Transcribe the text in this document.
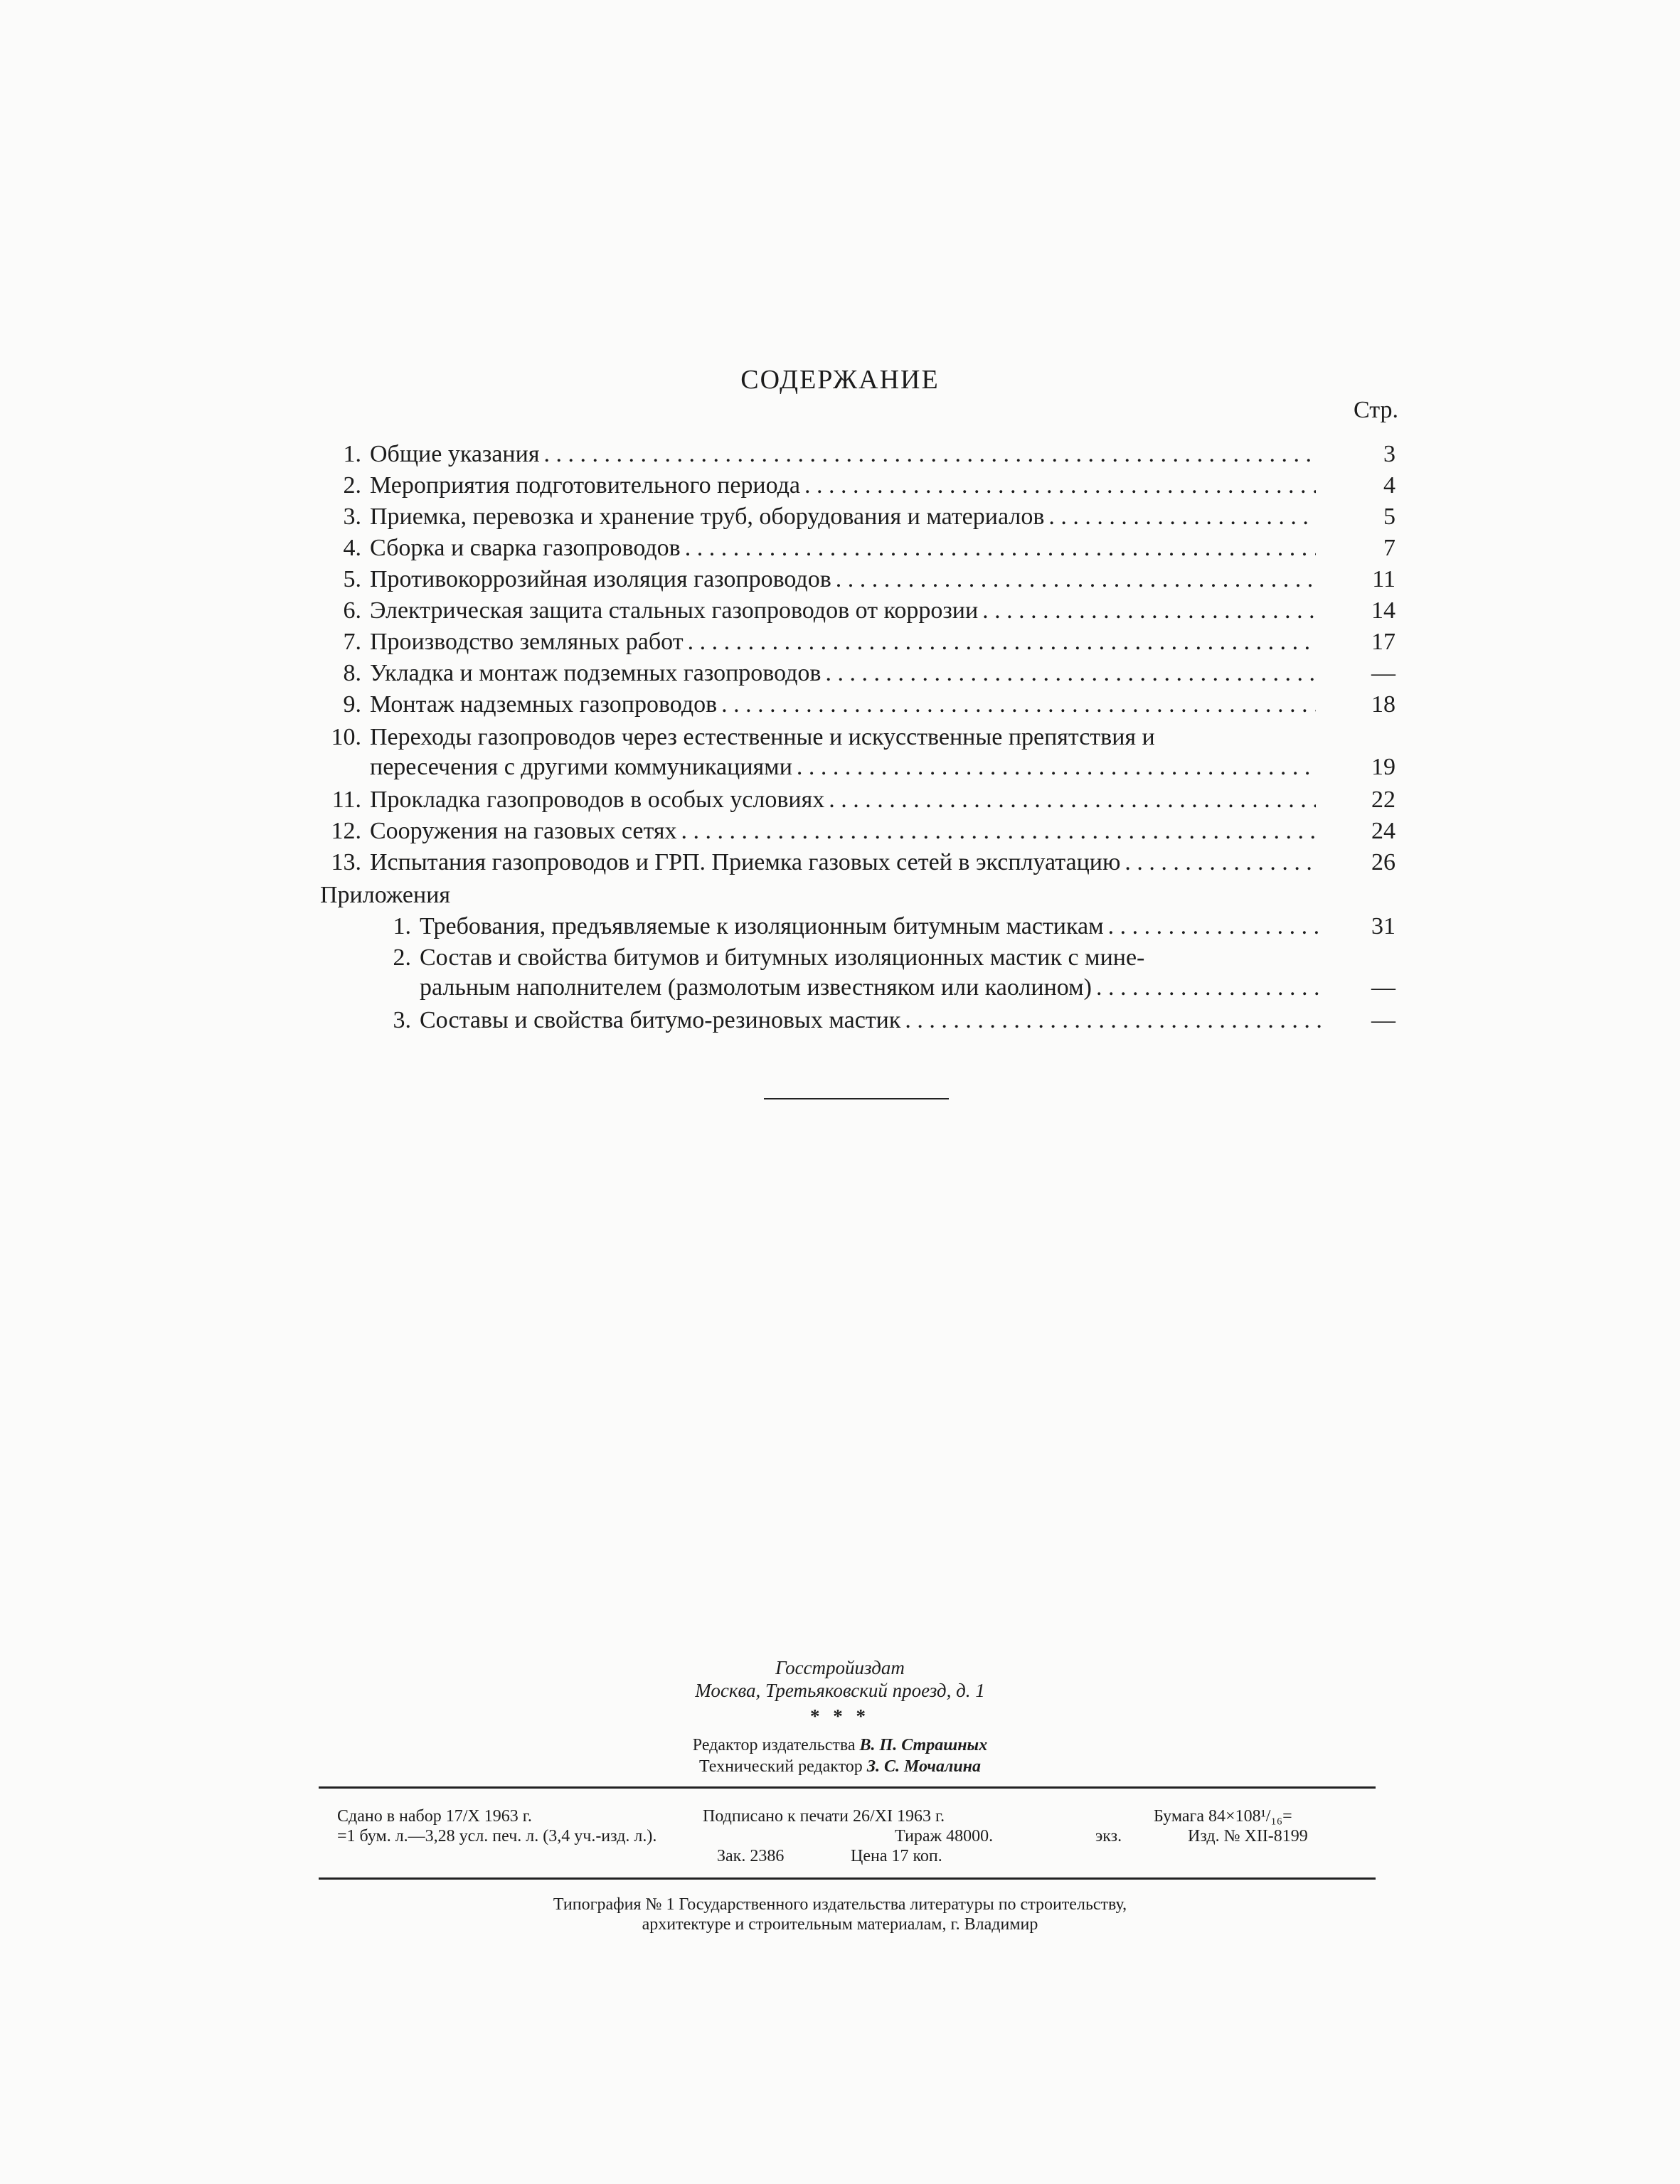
СОДЕРЖАНИЕ
Стр.
1. Общие указания . . .	3
2. Мероприятия подготовительного периода . . .	4
3. Приемка, перевозка и хранение труб, оборудования и материалов . . .	5
4. Сборка и сварка газопроводов . . .	7
5. Противокоррозийная изоляция газопроводов . . .	11
6. Электрическая защита стальных газопроводов от коррозии . . .	14
7. Производство земляных работ . . .	17
8. Укладка и монтаж подземных газопроводов . . .	—
9. Монтаж надземных газопроводов . . .	18
10. Переходы газопроводов через естественные и искусственные препятствия и
пересечения с другими коммуникациями . . .	19
11. Прокладка газопроводов в особых условиях . . .	22
12. Сооружения на газовых сетях . . .	24
13. Испытания газопроводов и ГРП. Приемка газовых сетей в эксплуатацию . . .	26
Приложения
1. Требования, предъявляемые к изоляционным битумным мастикам . . .	31
2. Состав и свойства битумов и битумных изоляционных мастик с мине-
ральным наполнителем (размолотым известняком или каолином) . . .	—
3. Составы и свойства битумо-резиновых мастик . . .	—
Госстройиздат
Москва, Третьяковский проезд, д. 1
* * *
Редактор издательства В. П. Страшных
Технический редактор З. С. Мочалина
Сдано в набор 17/X 1963 г.	Подписано к печати 26/XI 1963 г.	Бумага 84×108¹/₁₆=
=1 бум. л.—3,28 усл. печ. л. (3,4 уч.-изд. л.).	Тираж 48000.	экз.	Изд. № XII-8199
Зак. 2386	Цена 17 коп.
Типография № 1 Государственного издательства литературы по строительству,
архитектуре и строительным материалам, г. Владимир
